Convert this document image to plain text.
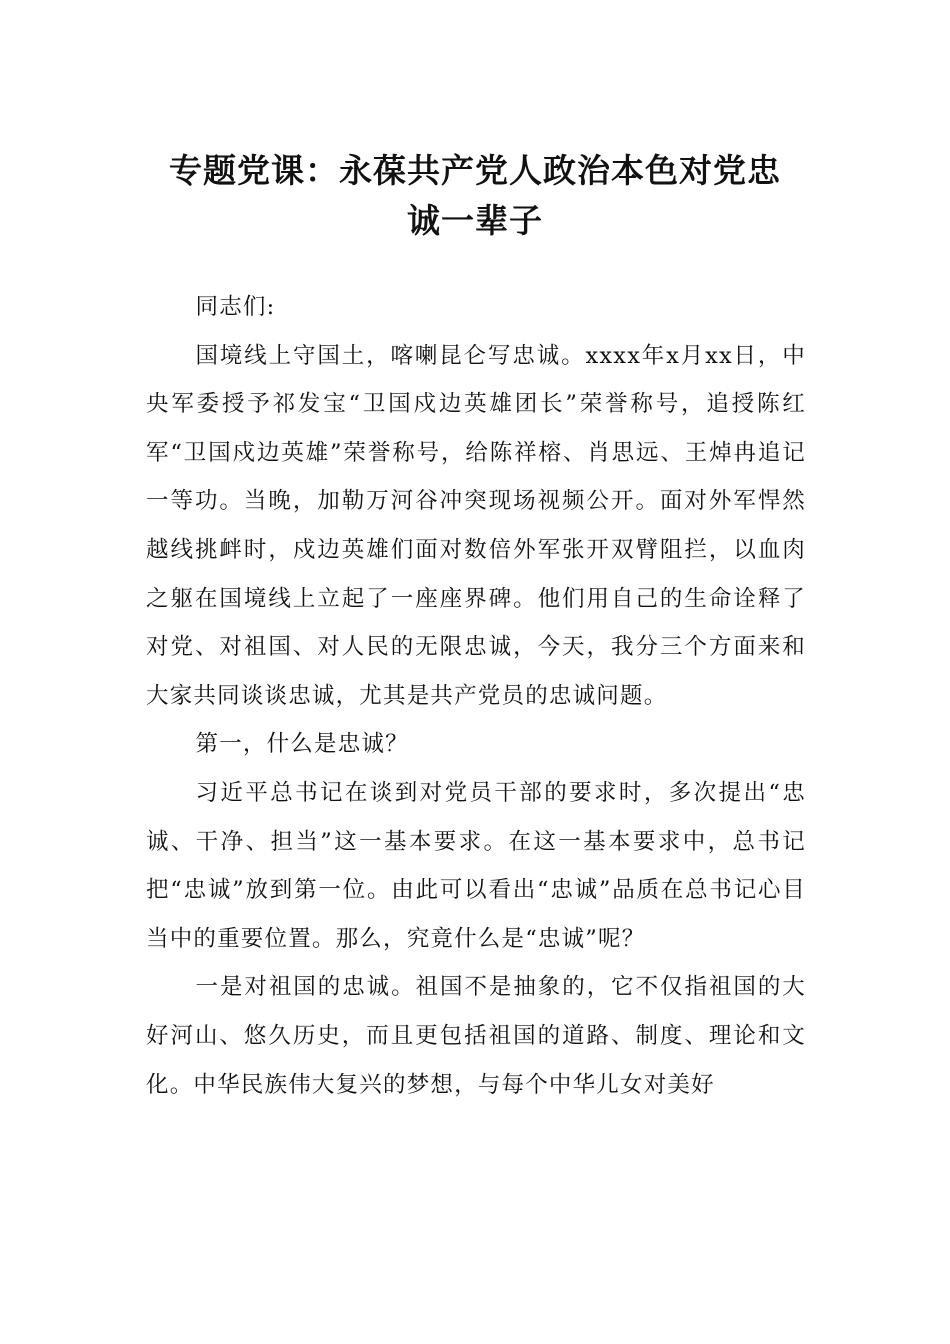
专题党课：永葆共产党人政治本色对党忠
诚一辈子

同志们:

国境线上守国土，喀喇昆仑写忠诚。xxxx年x月xx日，中央军委授予祁发宝“卫国戍边英雄团长”荣誉称号，追授陈红军“卫国戍边英雄”荣誉称号，给陈祥榕、肖思远、王焯冉追记一等功。当晚，加勒万河谷冲突现场视频公开。面对外军悍然越线挑衅时，戍边英雄们面对数倍外军张开双臂阻拦，以血肉之躯在国境线上立起了一座座界碑。他们用自己的生命诠释了对党、对祖国、对人民的无限忠诚，今天，我分三个方面来和大家共同谈谈忠诚，尤其是共产党员的忠诚问题。

第一，什么是忠诚？

习近平总书记在谈到对党员干部的要求时，多次提出“忠诚、干净、担当”这一基本要求。在这一基本要求中，总书记把“忠诚”放到第一位。由此可以看出“忠诚”品质在总书记心目当中的重要位置。那么，究竟什么是“忠诚”呢？

一是对祖国的忠诚。祖国不是抽象的，它不仅指祖国的大好河山、悠久历史，而且更包括祖国的道路、制度、理论和文化。中华民族伟大复兴的梦想，与每个中华儿女对美好
